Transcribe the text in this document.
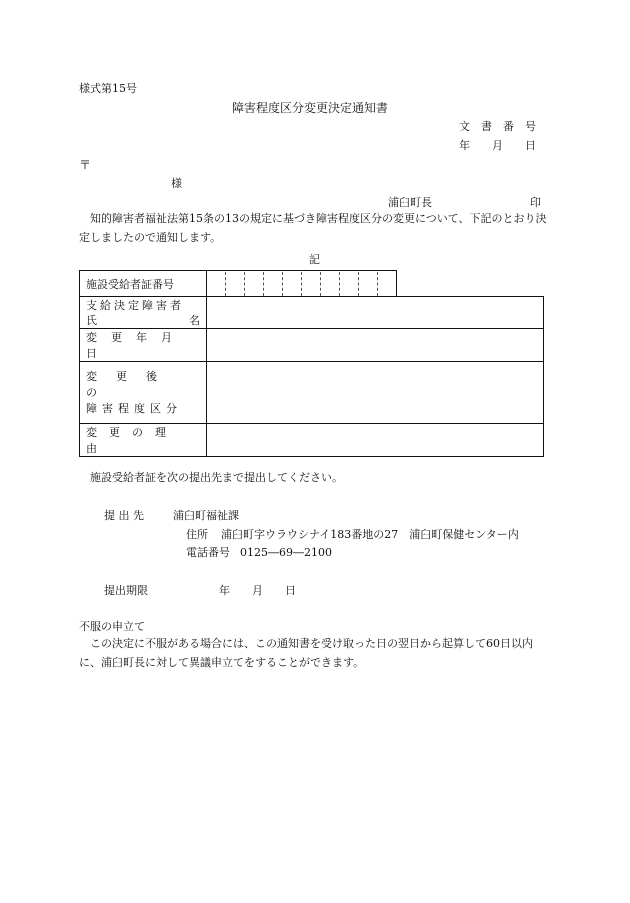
様式第15号
障害程度区分変更決定通知書
文　書　番　号
年　　月　　日
〒
様
浦臼町長	印

知的障害者福祉法第15条の13の規定に基づき障害程度区分の変更について、下記のとおり決定しましたので通知します。

記
施設受給者証番号		

支給決定障害者
氏 名		

変更年月日		

変更後の
障害程度区分		

変更の理由		

施設受給者証を次の提出先まで提出してください。
提 出 先	浦臼町福祉課
住所 浦臼町字ウラウシナイ183番地の27　浦臼町保健センター内
電話番号 0125―69―2100
提出期限	年　　月　　日
不服の申立て

この決定に不服がある場合には、この通知書を受け取った日の翌日から起算して60日以内に、浦臼町長に対して異議申立てをすることができます。
